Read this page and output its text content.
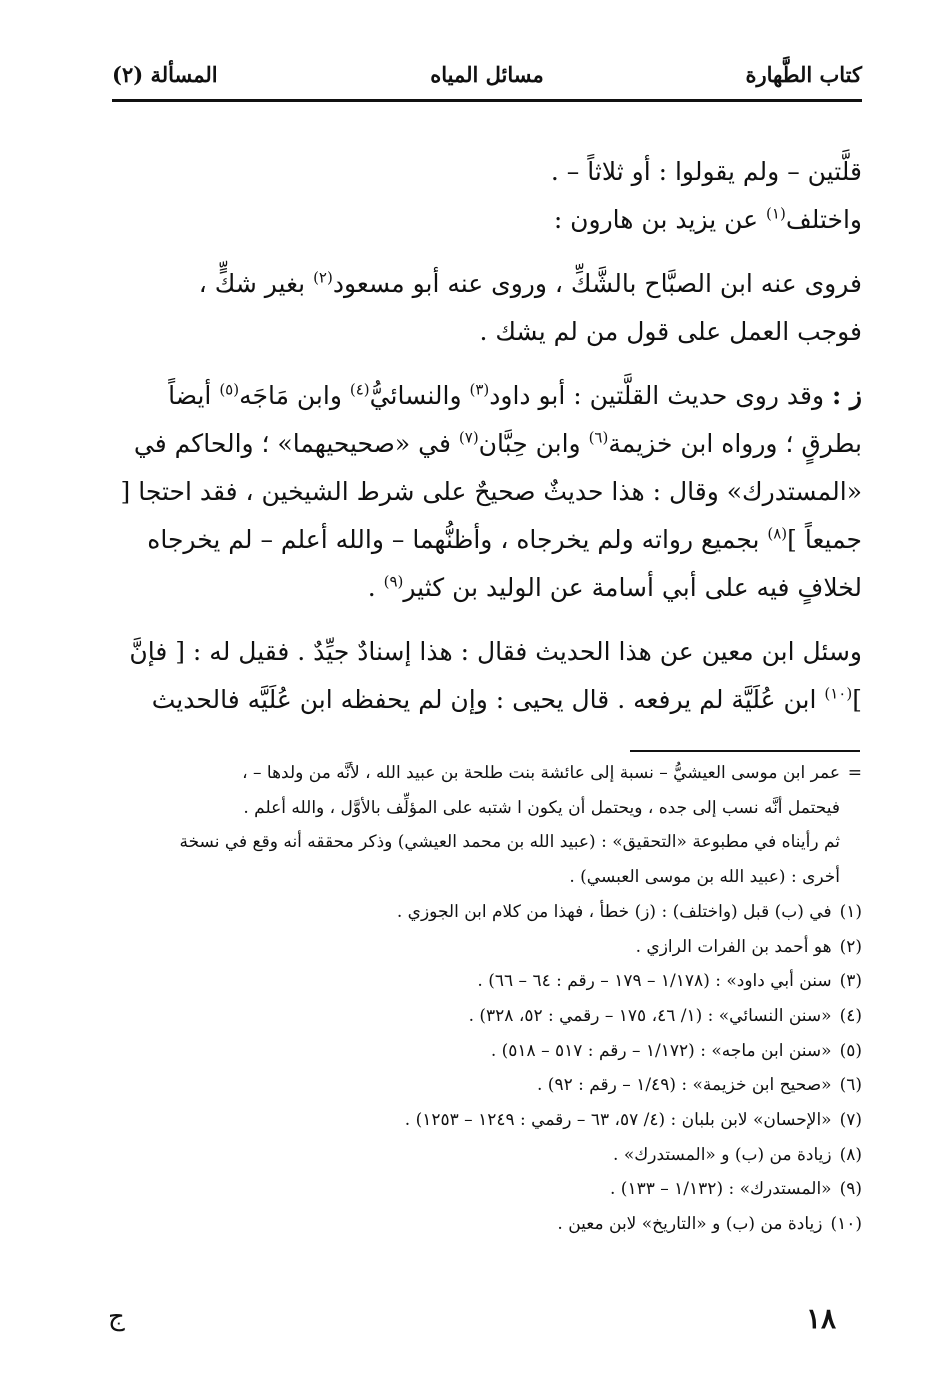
كتاب الطَّهارة
مسائل المياه
المسألة (٢)

قلَّتين – ولم يقولوا : أو ثلاثاً – .
واختلف$^{(١)}$ عن يزيد بن هارون :

فروى عنه ابن الصبَّاح بالشَّكِّ ، وروى عنه أبو مسعود$^{(٢)}$ بغير شكٍّ ،
فوجب العمل على قول من لم يشك .

ز : وقد روى حديث القلَّتين : أبو داود$^{(٣)}$ والنسائيُّ$^{(٤)}$ وابن مَاجَه$^{(٥)}$ أيضاً بطرقٍ ؛ ورواه ابن خزيمة$^{(٦)}$ وابن حِبَّان$^{(٧)}$ في «صحيحيهما» ؛ والحاكم في «المستدرك» وقال : هذا حديثٌ صحيحٌ على شرط الشيخين ، فقد احتجا [ جميعاً ]$^{(٨)}$ بجميع رواته ولم يخرجاه ، وأظنُّهما – والله أعلم – لم يخرجاه لخلافٍ فيه على أبي أسامة عن الوليد بن كثير$^{(٩)}$ .

وسئل ابن معين عن هذا الحديث فقال : هذا إسنادٌ جيِّدٌ . فقيل له : [ فإنَّ ]$^{(١٠)}$ ابن عُلَيَّة لم يرفعه . قال يحيى : وإن لم يحفظه ابن عُلَيَّه فالحديث

=
عمر ابن موسى العيشيُّ – نسبة إلى عائشة بنت طلحة بن عبيد الله ، لأنَّه من ولدها – ،

فيحتمل أنَّه نسب إلى جده ، ويحتمل أن يكون ا شتبه على المؤلِّف بالأوَّل ، والله أعلم .

ثم رأيناه في مطبوعة «التحقيق» : (عبيد الله بن محمد العيشي) وذكر محققه أنه وقع في نسخة

أخرى : (عبيد الله بن موسى العبسي) .

(١)في (ب) قبل (واختلف) : (ز) خطأ ، فهذا من كلام ابن الجوزي .

(٢)هو أحمد بن الفرات الرازي .

(٣)سنن أبي داود» : (١/١٧٨ – ١٧٩ – رقم : ٦٤ – ٦٦) .

(٤)«سنن النسائي» : (١/ ٤٦، ١٧٥ – رقمي : ٥٢، ٣٢٨) .

(٥)«سنن ابن ماجه» : (١/١٧٢ – رقم : ٥١٧ – ٥١٨) .

(٦)«صحيح ابن خزيمة» : (١/٤٩ – رقم : ٩٢) .

(٧)«الإحسان» لابن بلبان : (٤/ ٥٧، ٦٣ – رقمي : ١٢٤٩ – ١٢٥٣) .

(٨)زيادة من (ب) و «المستدرك» .

(٩)«المستدرك» : (١/١٣٢ – ١٣٣) .

(١٠)زيادة من (ب) و «التاريخ» لابن معين .

١٨
ج
